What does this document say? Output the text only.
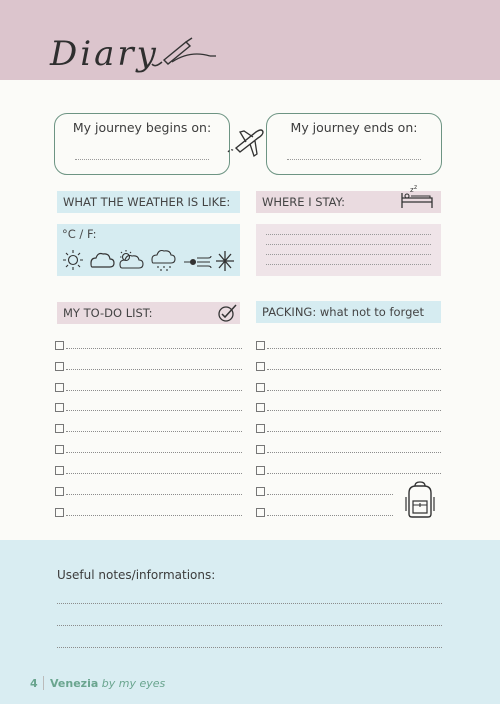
Diary
My journey begins on:	My journey ends on:
WHAT THE WEATHER IS LIKE:
°C / F:
WHERE I STAY:
z z
MY TO-DO LIST:	PACKING: what not to forget
Useful notes/informations:
4 Venezia by my eyes
